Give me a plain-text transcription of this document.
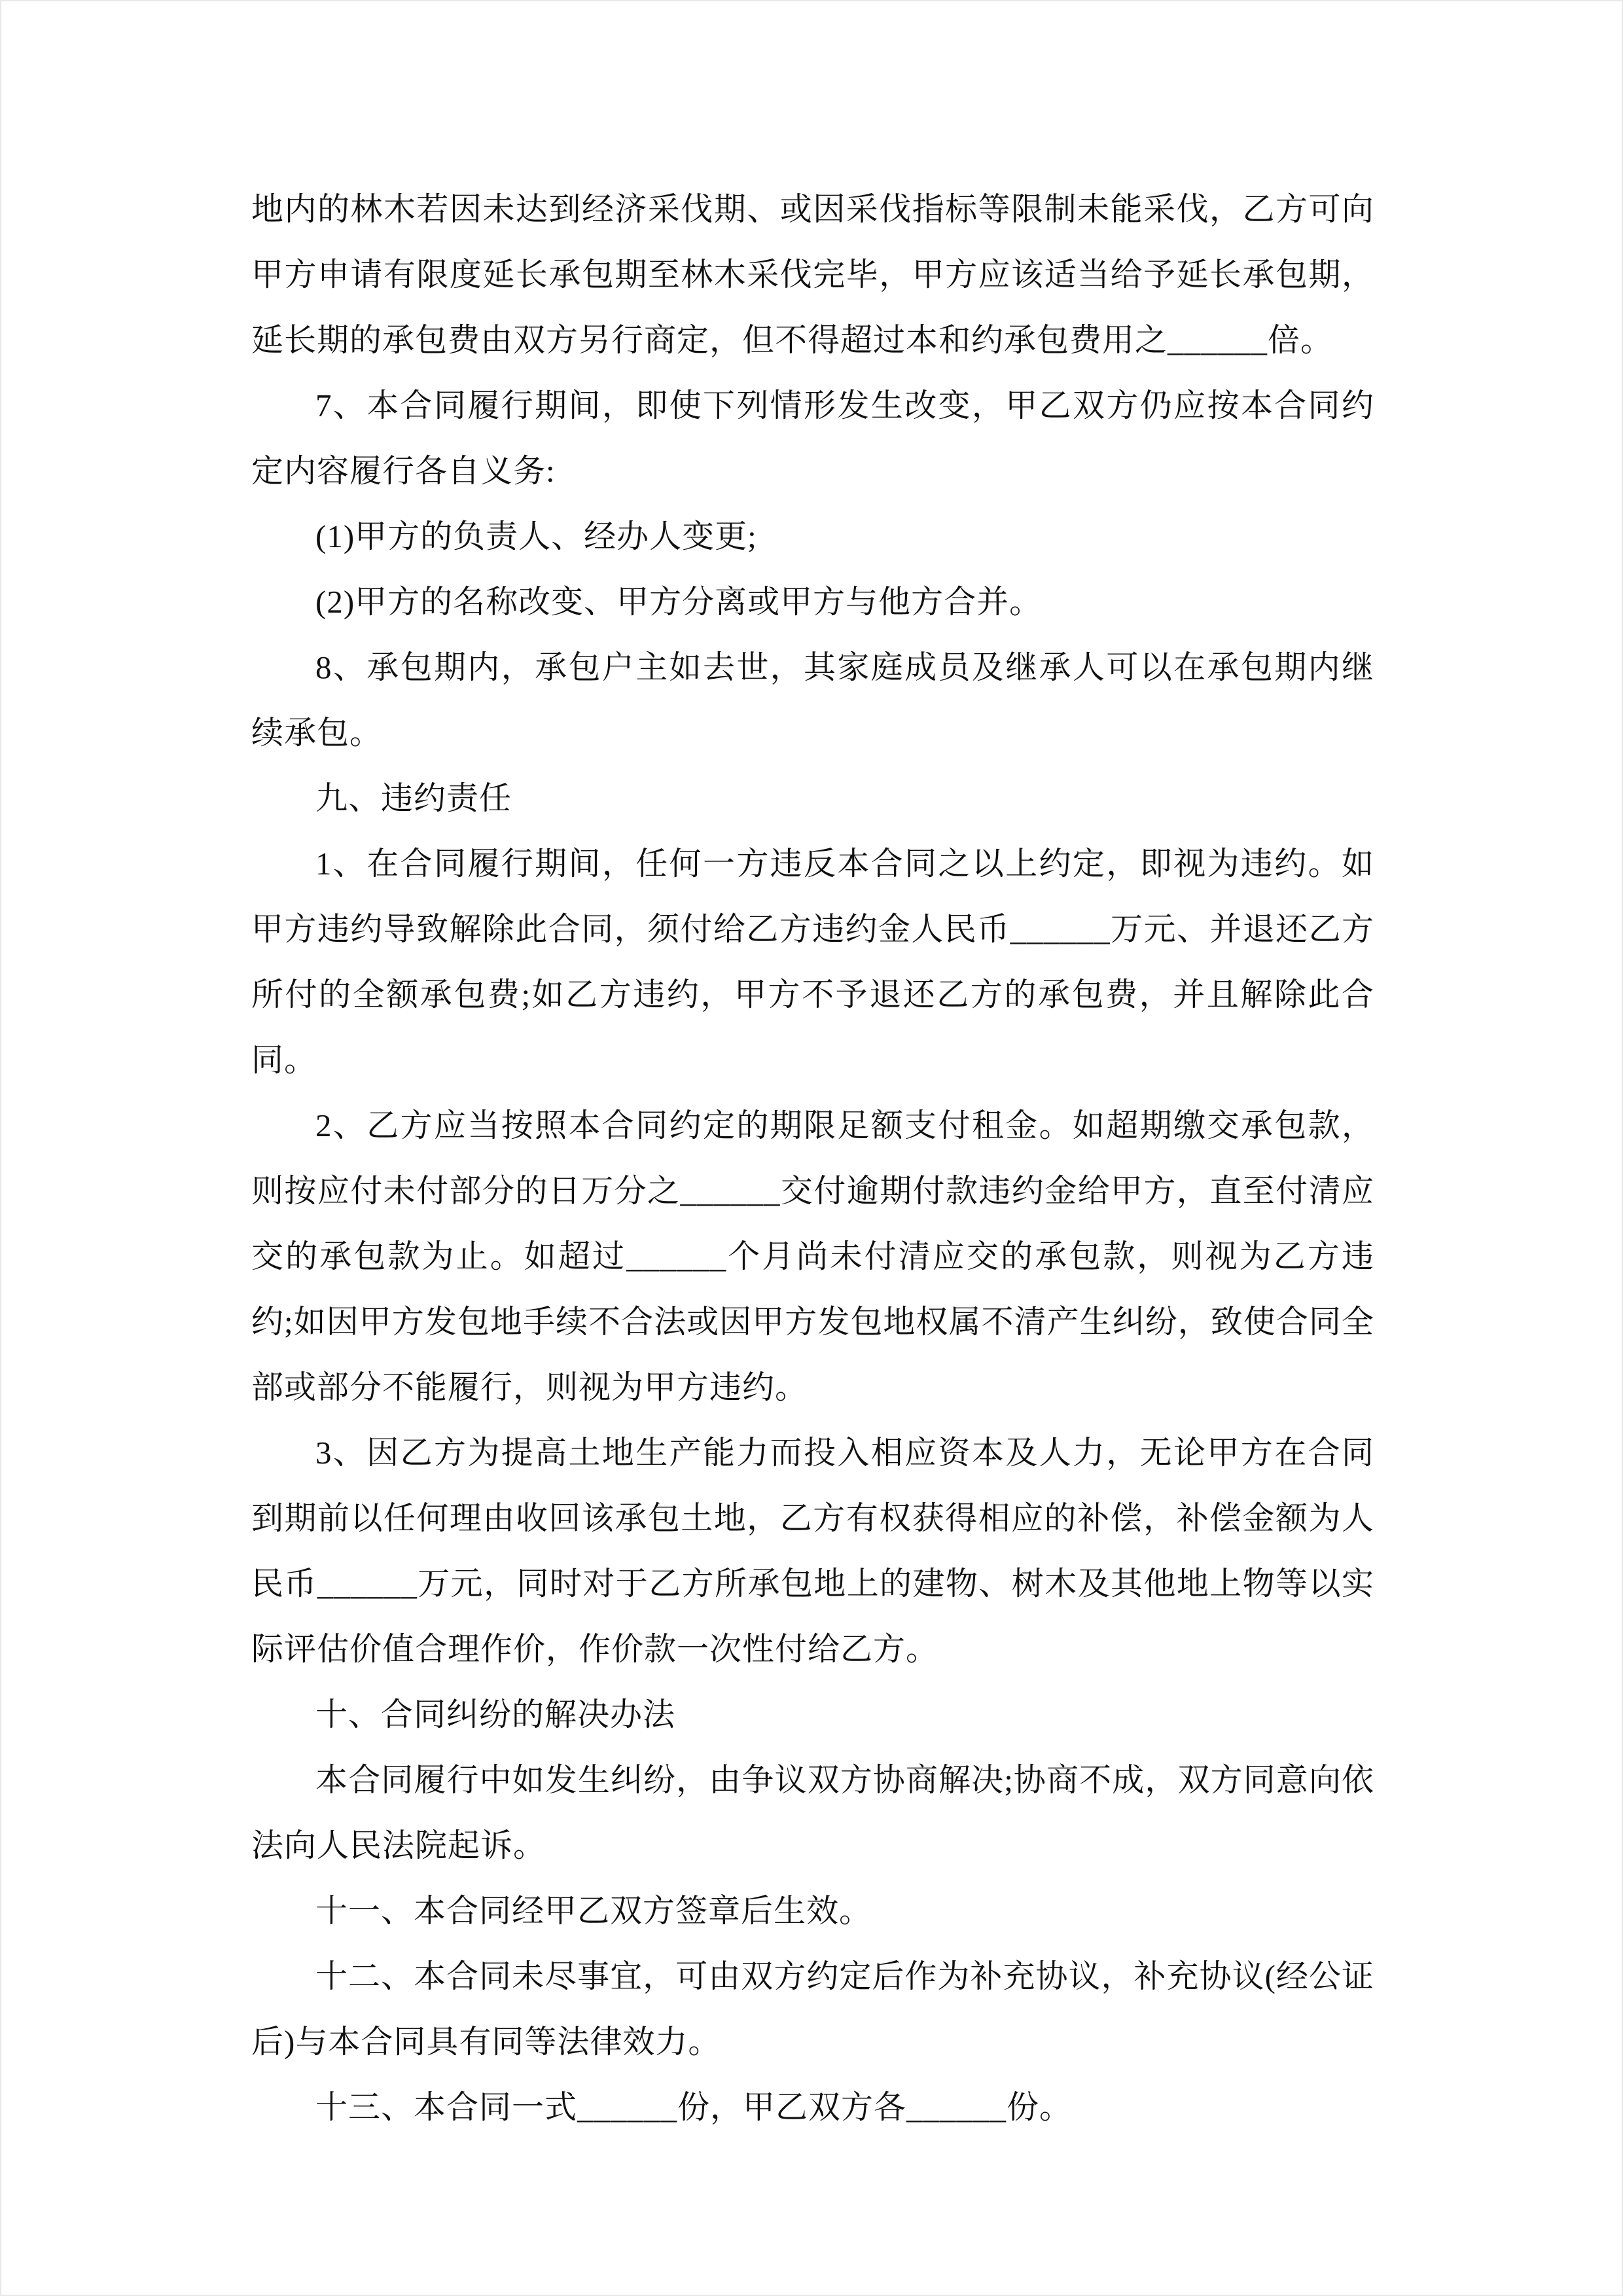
地内的林木若因未达到经济采伐期、或因采伐指标等限制未能采伐，乙方可向甲方申请有限度延长承包期至林木采伐完毕，甲方应该适当给予延长承包期，延长期的承包费由双方另行商定，但不得超过本和约承包费用之______倍。

7、本合同履行期间，即使下列情形发生改变，甲乙双方仍应按本合同约定内容履行各自义务:

(1)甲方的负责人、经办人变更;

(2)甲方的名称改变、甲方分离或甲方与他方合并。

8、承包期内，承包户主如去世，其家庭成员及继承人可以在承包期内继续承包。

九、违约责任

1、在合同履行期间，任何一方违反本合同之以上约定，即视为违约。如甲方违约导致解除此合同，须付给乙方违约金人民币______万元、并退还乙方所付的全额承包费;如乙方违约，甲方不予退还乙方的承包费，并且解除此合同。

2、乙方应当按照本合同约定的期限足额支付租金。如超期缴交承包款，则按应付未付部分的日万分之______交付逾期付款违约金给甲方，直至付清应交的承包款为止。如超过______个月尚未付清应交的承包款，则视为乙方违约;如因甲方发包地手续不合法或因甲方发包地权属不清产生纠纷，致使合同全部或部分不能履行，则视为甲方违约。

3、因乙方为提高土地生产能力而投入相应资本及人力，无论甲方在合同到期前以任何理由收回该承包土地，乙方有权获得相应的补偿，补偿金额为人民币______万元，同时对于乙方所承包地上的建物、树木及其他地上物等以实际评估价值合理作价，作价款一次性付给乙方。

十、合同纠纷的解决办法

本合同履行中如发生纠纷，由争议双方协商解决;协商不成，双方同意向依法向人民法院起诉。

十一、本合同经甲乙双方签章后生效。

十二、本合同未尽事宜，可由双方约定后作为补充协议，补充协议(经公证后)与本合同具有同等法律效力。

十三、本合同一式______份，甲乙双方各______份。
